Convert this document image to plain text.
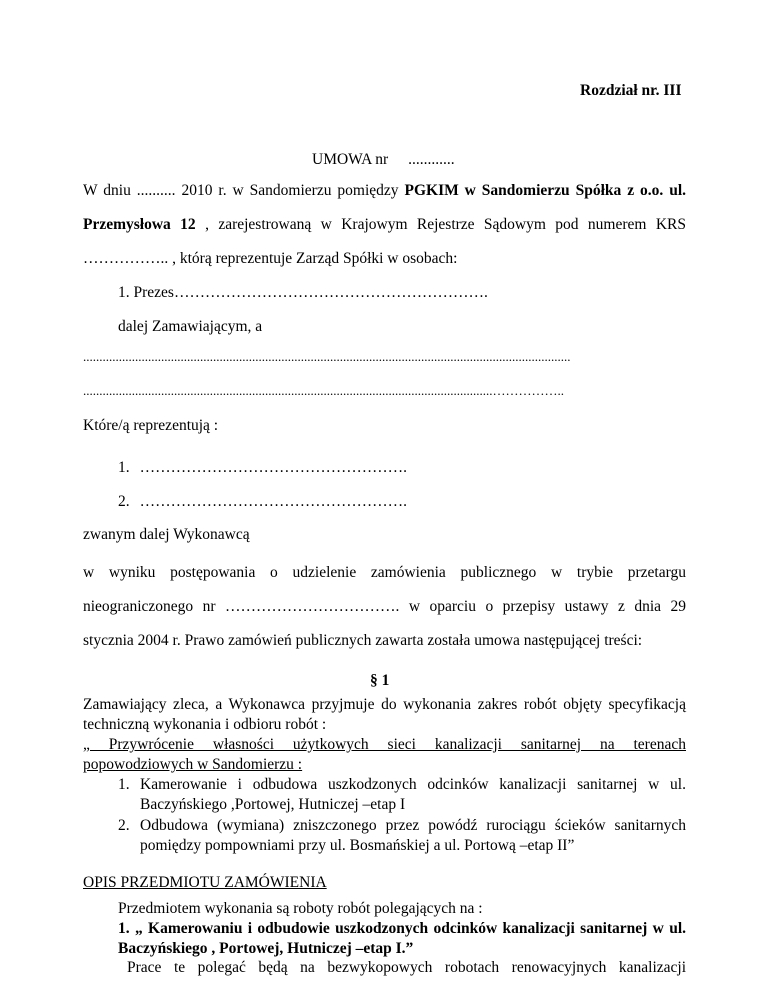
Rozdział nr. III
UMOWA nr ............
W dniu .......... 2010 r. w Sandomierzu pomiędzy PGKIM w Sandomierzu Spółka z o.o. ul.
Przemysłowa 12 , zarejestrowaną w Krajowym Rejestrze Sądowym pod numerem KRS
…………….. , którą reprezentuje Zarząd Spółki w osobach:
1. Prezes…………………………………………………….
dalej Zamawiającym, a
......................................................................................................................................................
..............................................................................................................................……………..
Które/ą reprezentują :
1. …………………………………………….
2. …………………………………………….
zwanym dalej Wykonawcą
w wyniku postępowania o udzielenie zamówienia publicznego w trybie przetargu
nieograniczonego nr ……………………………. w oparciu o przepisy ustawy z dnia 29
stycznia 2004 r. Prawo zamówień publicznych zawarta została umowa następującej treści:
§ 1
Zamawiający zleca, a Wykonawca przyjmuje do wykonania zakres robót objęty specyfikacją
techniczną wykonania i odbioru robót :
„ Przywrócenie własności użytkowych sieci kanalizacji sanitarnej na terenach
popowodziowych w Sandomierzu :
1. Kamerowanie i odbudowa uszkodzonych odcinków kanalizacji sanitarnej w ul.
Baczyńskiego ,Portowej, Hutniczej –etap I
2. Odbudowa (wymiana) zniszczonego przez powódź rurociągu ścieków sanitarnych
pomiędzy pompowniami przy ul. Bosmańskiej a ul. Portową –etap II”
OPIS PRZEDMIOTU ZAMÓWIENIA
Przedmiotem wykonania są roboty robót polegających na :
1. „ Kamerowaniu i odbudowie uszkodzonych odcinków kanalizacji sanitarnej w ul.
Baczyńskiego , Portowej, Hutniczej –etap I.”
Prace te polegać będą na bezwykopowych robotach renowacyjnych kanalizacji
